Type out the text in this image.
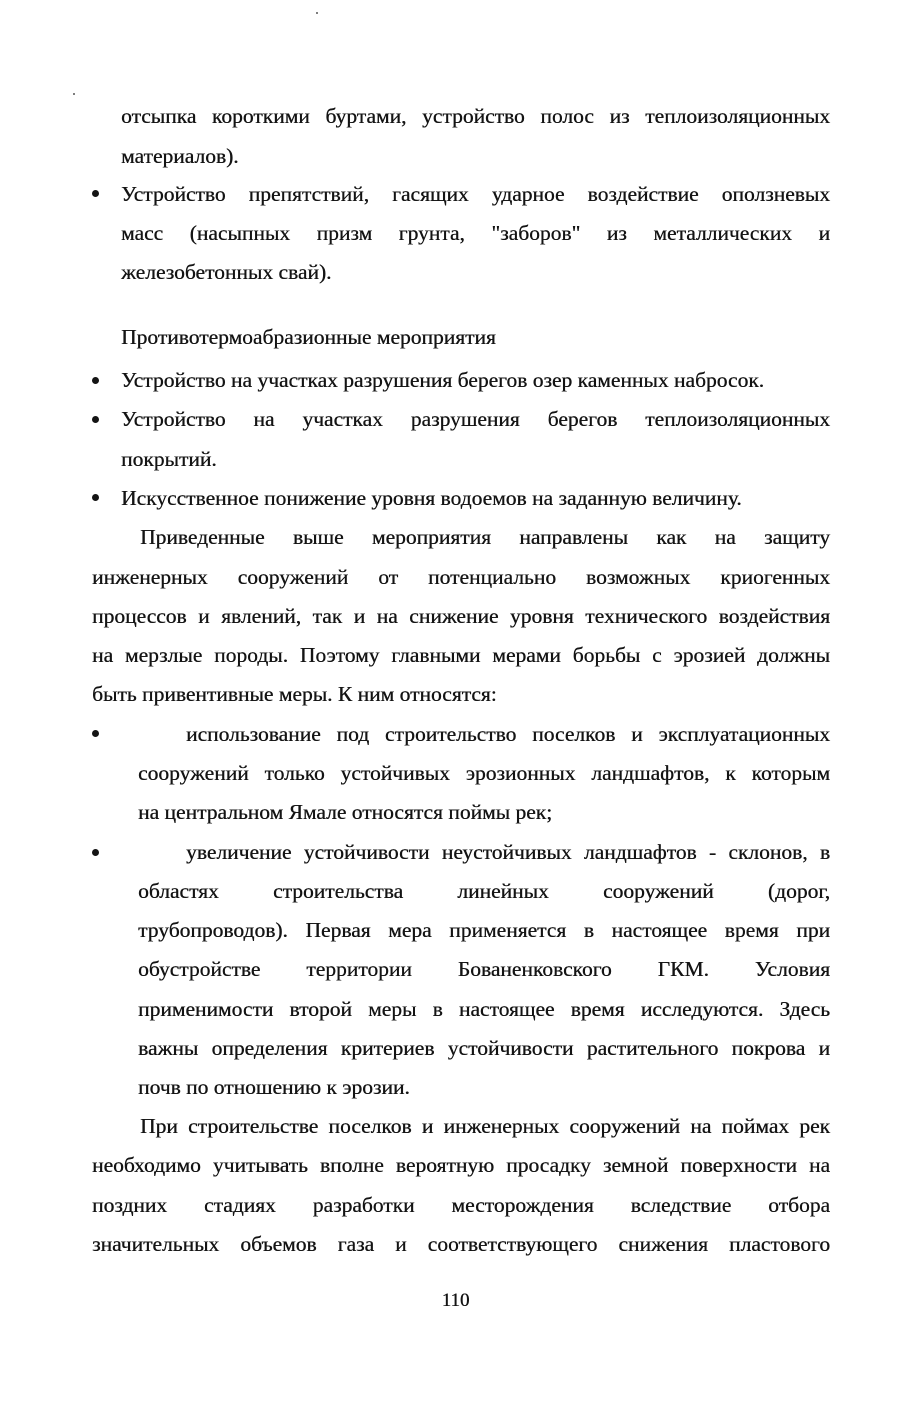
отсыпка короткими буртами, устройство полос из теплоизоляционных
материалов).
Устройство препятствий, гасящих ударное воздействие оползневых
масс (насыпных призм грунта, "заборов" из металлических и
железобетонных свай).
Противотермоабразионные мероприятия
Устройство на участках разрушения берегов озер каменных набросок.
Устройство на участках разрушения берегов теплоизоляционных
покрытий.
Искусственное понижение уровня водоемов на заданную величину.
Приведенные выше мероприятия направлены как на защиту
инженерных сооружений от потенциально возможных криогенных
процессов и явлений, так и на снижение уровня технического воздействия
на мерзлые породы. Поэтому главными мерами борьбы с эрозией должны
быть привентивные меры. К ним относятся:
использование под строительство поселков и эксплуатационных
сооружений только устойчивых эрозионных ландшафтов, к которым
на центральном Ямале относятся поймы рек;
увеличение устойчивости неустойчивых ландшафтов - склонов, в
областях строительства линейных сооружений (дорог,
трубопроводов). Первая мера применяется в настоящее время при
обустройстве территории Бованенковского ГКМ. Условия
применимости второй меры в настоящее время исследуются. Здесь
важны определения критериев устойчивости растительного покрова и
почв по отношению к эрозии.
При строительстве поселков и инженерных сооружений на поймах рек
необходимо учитывать вполне вероятную просадку земной поверхности на
поздних стадиях разработки месторождения вследствие отбора
значительных объемов газа и соответствующего снижения пластового
110
